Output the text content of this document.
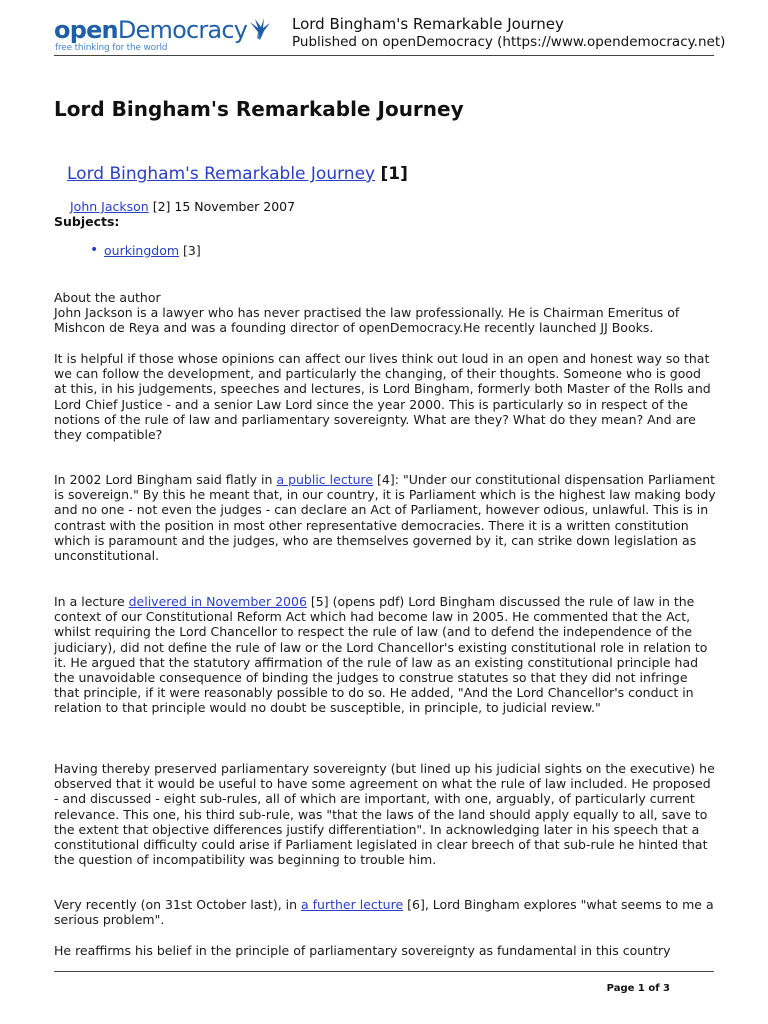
openDemocracy
free thinking for the world
Lord Bingham's Remarkable Journey
Published on openDemocracy (https://www.opendemocracy.net)
Lord Bingham's Remarkable Journey
Lord Bingham's Remarkable Journey [1]
John Jackson [2] 15 November 2007
Subjects:
• ourkingdom [3]

About the author

John Jackson is a lawyer who has never practised the law professionally. He is Chairman Emeritus of Mishcon de Reya and was a founding director of openDemocracy.He recently launched JJ Books.

It is helpful if those whose opinions can affect our lives think out loud in an open and honest way so that we can follow the development, and particularly the changing, of their thoughts. Someone who is good at this, in his judgements, speeches and lectures, is Lord Bingham, formerly both Master of the Rolls and Lord Chief Justice - and a senior Law Lord since the year 2000. This is particularly so in respect of the notions of the rule of law and parliamentary sovereignty. What are they? What do they mean? And are they compatible?

In 2002 Lord Bingham said flatly in a public lecture [4]: "Under our constitutional dispensation Parliament is sovereign." By this he meant that, in our country, it is Parliament which is the highest law making body and no one - not even the judges - can declare an Act of Parliament, however odious, unlawful. This is in contrast with the position in most other representative democracies. There it is a written constitution which is paramount and the judges, who are themselves governed by it, can strike down legislation as unconstitutional.

In a lecture delivered in November 2006 [5] (opens pdf) Lord Bingham discussed the rule of law in the context of our Constitutional Reform Act which had become law in 2005. He commented that the Act, whilst requiring the Lord Chancellor to respect the rule of law (and to defend the independence of the judiciary), did not define the rule of law or the Lord Chancellor's existing constitutional role in relation to it. He argued that the statutory affirmation of the rule of law as an existing constitutional principle had the unavoidable consequence of binding the judges to construe statutes so that they did not infringe that principle, if it were reasonably possible to do so. He added, "And the Lord Chancellor's conduct in relation to that principle would no doubt be susceptible, in principle, to judicial review."

Having thereby preserved parliamentary sovereignty (but lined up his judicial sights on the executive) he observed that it would be useful to have some agreement on what the rule of law included. He proposed - and discussed - eight sub-rules, all of which are important, with one, arguably, of particularly current relevance. This one, his third sub-rule, was "that the laws of the land should apply equally to all, save to the extent that objective differences justify differentiation". In acknowledging later in his speech that a constitutional difficulty could arise if Parliament legislated in clear breech of that sub-rule he hinted that the question of incompatibility was beginning to trouble him.

Very recently (on 31st October last), in a further lecture [6], Lord Bingham explores "what seems to me a serious problem".

He reaffirms his belief in the principle of parliamentary sovereignty as fundamental in this country

Page 1 of 3
